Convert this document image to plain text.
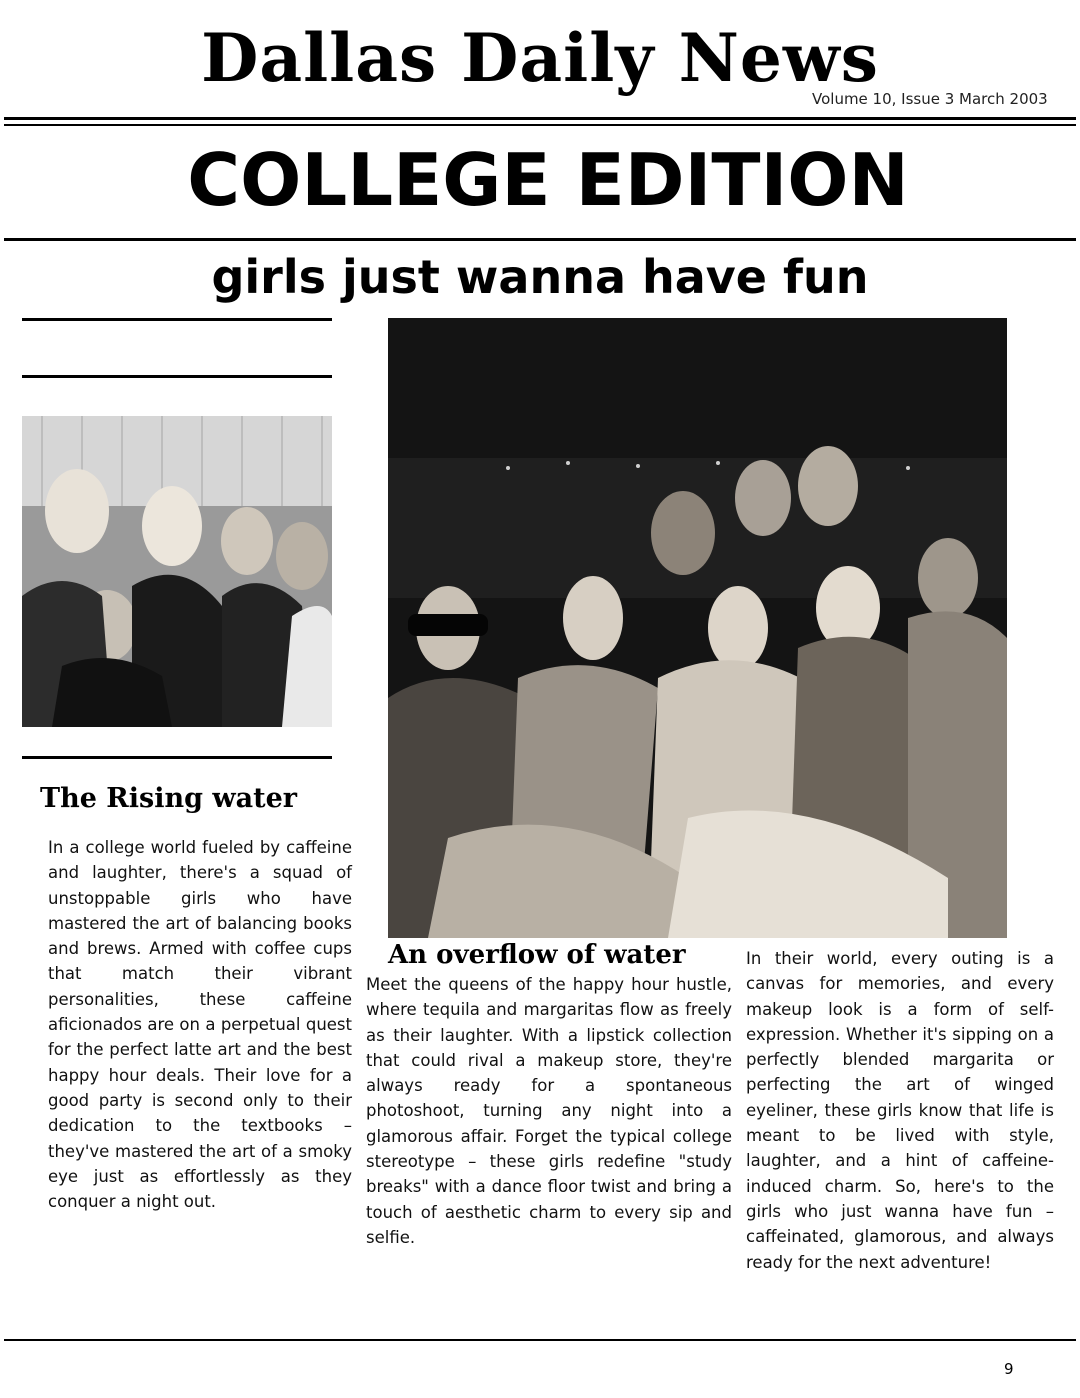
Dallas Daily News
Volume 10, Issue 3 March 2003
COLLEGE EDITION
girls just wanna have fun
The Rising water
In a college world fueled by caffeine and laughter, there's a squad of unstoppable girls who have mastered the art of balancing books and brews. Armed with coffee cups that match their vibrant personalities, these caffeine aficionados are on a perpetual quest for the perfect latte art and the best happy hour deals. Their love for a good party is second only to their dedication to the textbooks – they've mastered the art of a smoky eye just as effortlessly as they conquer a night out.
An overflow of water
Meet the queens of the happy hour hustle, where tequila and margaritas flow as freely as their laughter. With a lipstick collection that could rival a makeup store, they're always ready for a spontaneous photoshoot, turning any night into a glamorous affair. Forget the typical college stereotype – these girls redefine "study breaks" with a dance floor twist and bring a touch of aesthetic charm to every sip and selfie.
In their world, every outing is a canvas for memories, and every makeup look is a form of self-expression. Whether it's sipping on a perfectly blended margarita or perfecting the art of winged eyeliner, these girls know that life is meant to be lived with style, laughter, and a hint of caffeine-induced charm. So, here's to the girls who just wanna have fun – caffeinated, glamorous, and always ready for the next adventure!
9
